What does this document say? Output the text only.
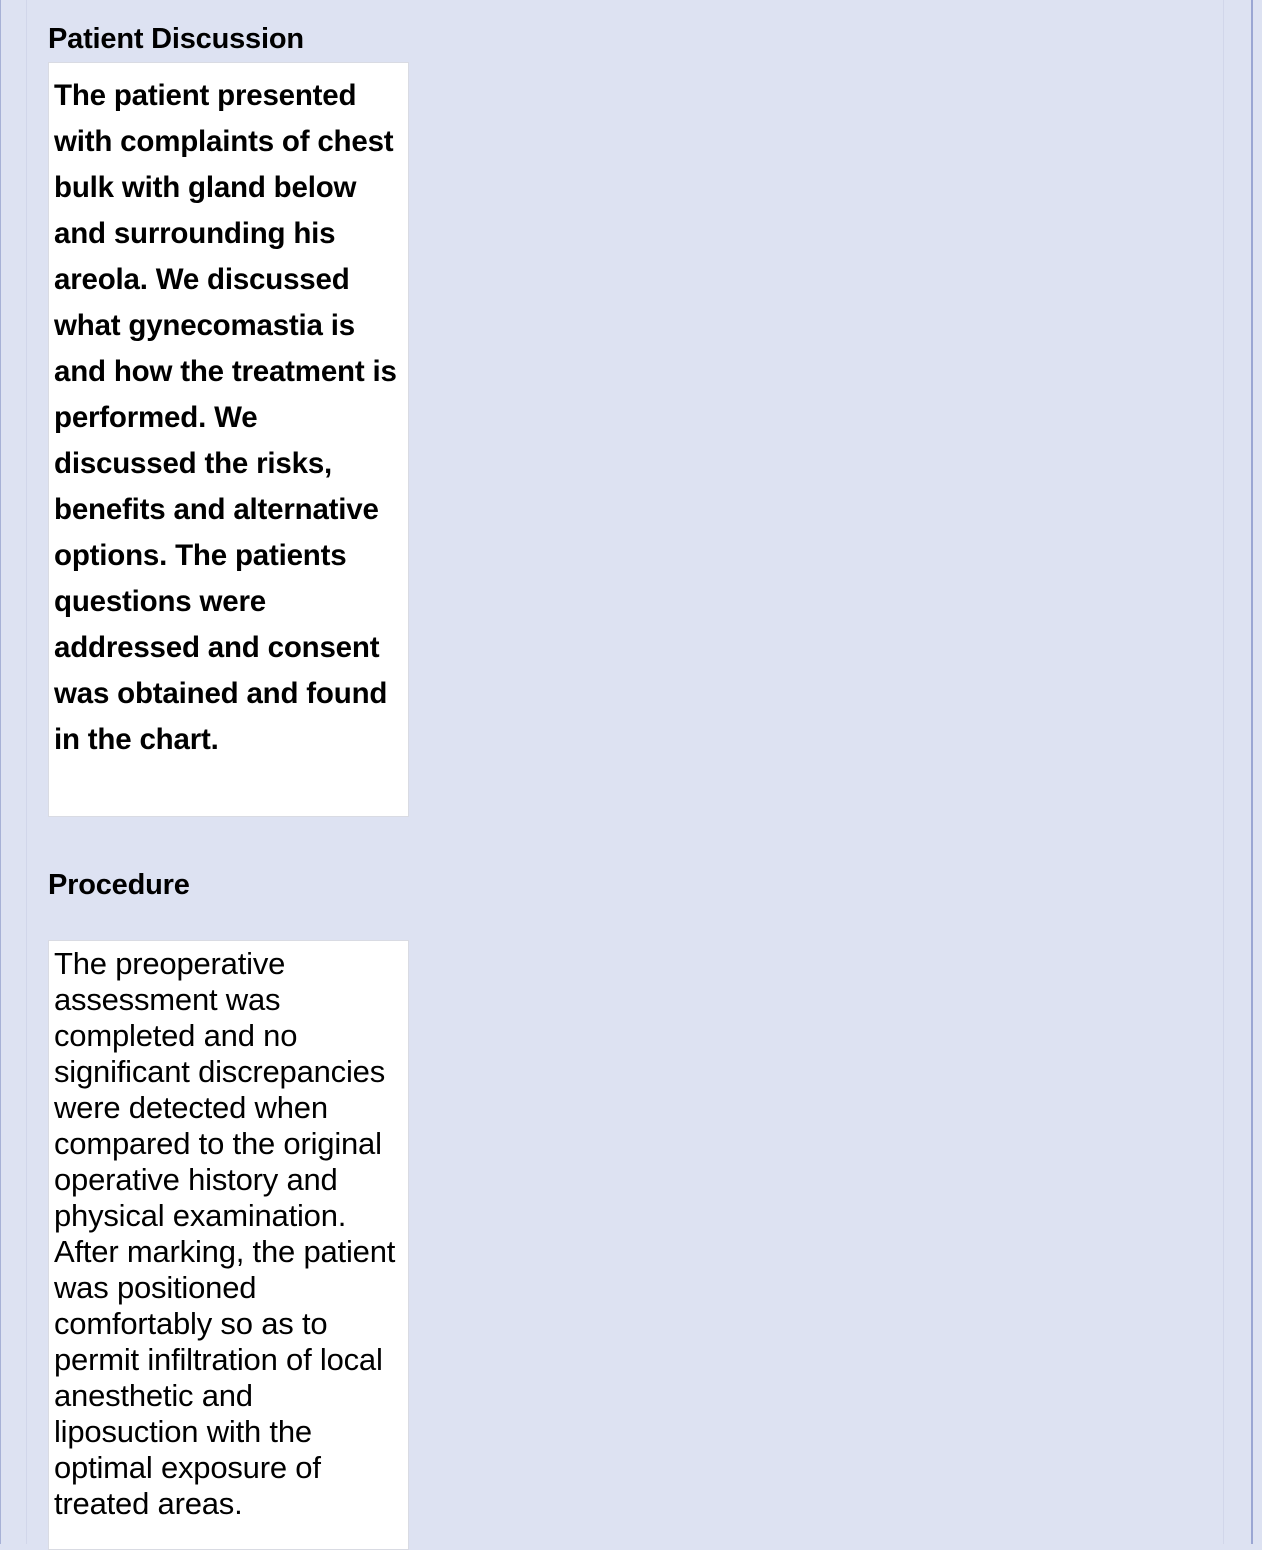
Patient Discussion
The patient presented with complaints of chest bulk with gland below and surrounding his areola. We discussed what gynecomastia is and how the treatment is performed. We discussed the risks, benefits and alternative options. The patients questions were addressed and consent was obtained and found in the chart.
Procedure
The preoperative assessment was completed and no significant discrepancies were detected when compared to the original operative history and physical examination. After marking, the patient was positioned comfortably so as to permit infiltration of local anesthetic and liposuction with the optimal exposure of treated areas.
